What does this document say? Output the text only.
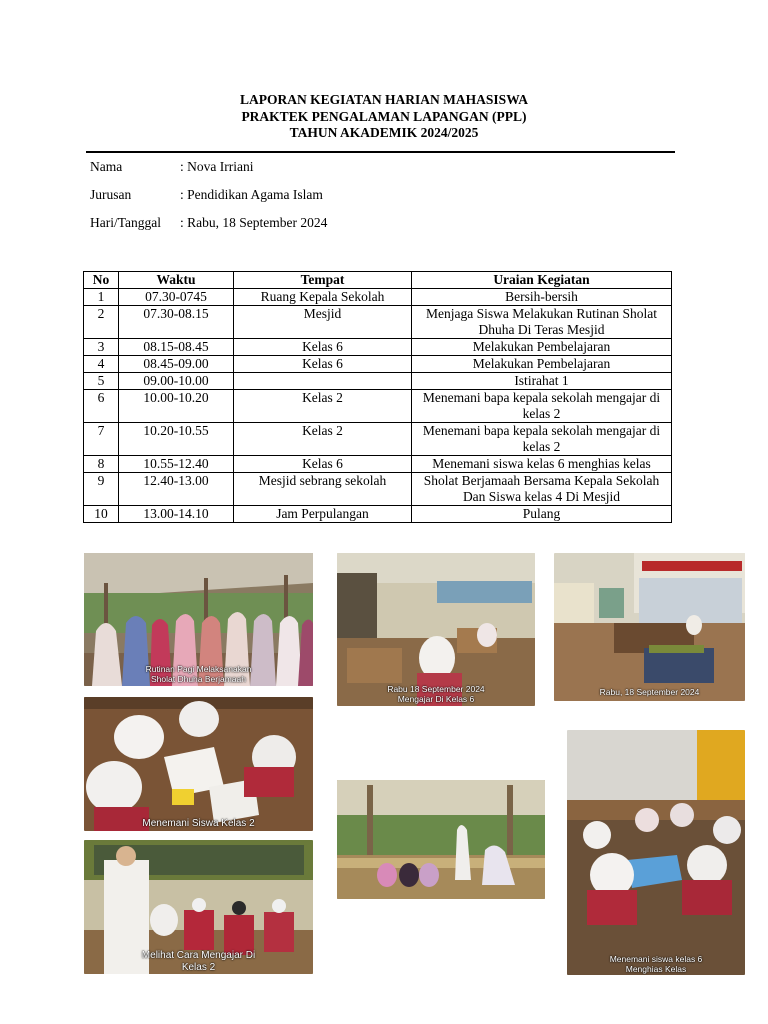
LAPORAN KEGIATAN HARIAN MAHASISWA
PRAKTEK PENGALAMAN LAPANGAN (PPL)
TAHUN AKADEMIK 2024/2025
Nama	: Nova Irriani
Jurusan	: Pendidikan Agama Islam
Hari/Tanggal : Rabu, 18 September 2024
No	Waktu	Tempat	Uraian Kegiatan
1	07.30-0745	Ruang Kepala Sekolah	Bersih-bersih
2	07.30-08.15	Mesjid	Menjaga Siswa Melakukan Rutinan Sholat Dhuha Di Teras Mesjid
3	08.15-08.45	Kelas 6	Melakukan Pembelajaran
4	08.45-09.00	Kelas 6	Melakukan Pembelajaran
5	09.00-10.00		Istirahat 1
6	10.00-10.20	Kelas 2	Menemani bapa kepala sekolah mengajar di kelas 2
7	10.20-10.55	Kelas 2	Menemani bapa kepala sekolah mengajar di kelas 2
8	10.55-12.40	Kelas 6	Menemani siswa kelas 6 menghias kelas
9	12.40-13.00	Mesjid sebrang sekolah	Sholat Berjamaah Bersama Kepala Sekolah Dan Siswa kelas 4 Di Mesjid
10	13.00-14.10	Jam Perpulangan	Pulang
Rutinan Pagi Melaksanakan
Sholat Dhuha Berjamaah
Rabu 18 September 2024
Mengajar Di Kelas 6
Rabu, 18 September 2024
Menemani Siswa Kelas 2
Melihat Cara Mengajar Di
Kelas 2
Menemani siswa kelas 6
Menghias Kelas
